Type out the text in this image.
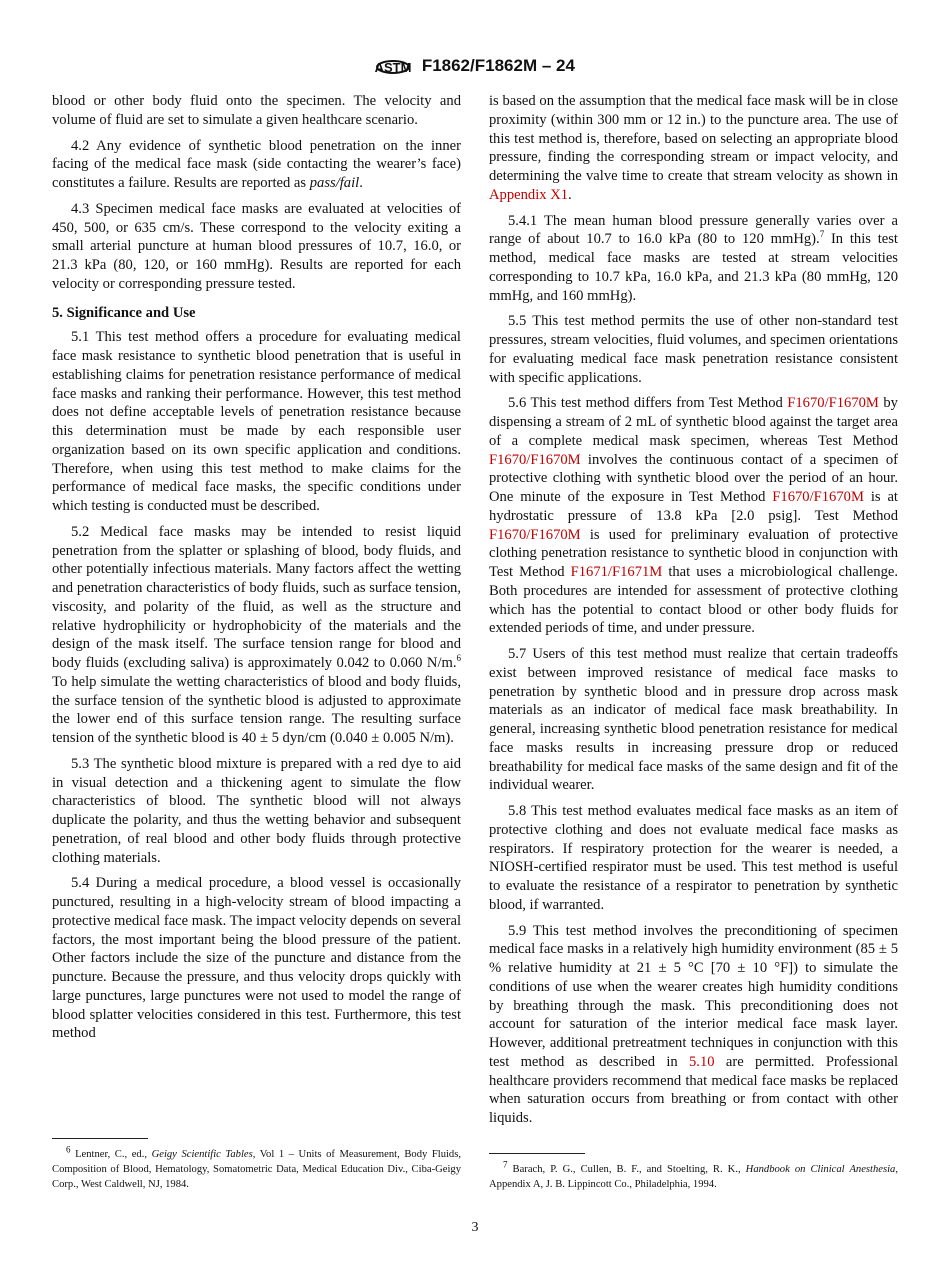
ASTM F1862/F1862M – 24

blood or other body fluid onto the specimen. The velocity and volume of fluid are set to simulate a given healthcare scenario.

4.2 Any evidence of synthetic blood penetration on the inner facing of the medical face mask (side contacting the wearer’s face) constitutes a failure. Results are reported as pass/fail.

4.3 Specimen medical face masks are evaluated at velocities of 450, 500, or 635 cm/s. These correspond to the velocity exiting a small arterial puncture at human blood pressures of 10.7, 16.0, or 21.3 kPa (80, 120, or 160 mmHg). Results are reported for each velocity or corresponding pressure tested.

5. Significance and Use

5.1 This test method offers a procedure for evaluating medical face mask resistance to synthetic blood penetration that is useful in establishing claims for penetration resistance performance of medical face masks and ranking their performance. However, this test method does not define acceptable levels of penetration resistance because this determination must be made by each responsible user organization based on its own specific application and conditions. Therefore, when using this test method to make claims for the performance of medical face masks, the specific conditions under which testing is conducted must be described.

5.2 Medical face masks may be intended to resist liquid penetration from the splatter or splashing of blood, body fluids, and other potentially infectious materials. Many factors affect the wetting and penetration characteristics of body fluids, such as surface tension, viscosity, and polarity of the fluid, as well as the structure and relative hydrophilicity or hydrophobicity of the materials and the design of the mask itself. The surface tension range for blood and body fluids (excluding saliva) is approximately 0.042 to 0.060 N/m.$^6$ To help simulate the wetting characteristics of blood and body fluids, the surface tension of the synthetic blood is adjusted to approximate the lower end of this surface tension range. The resulting surface tension of the synthetic blood is 40 ± 5 dyn/cm (0.040 ± 0.005 N/m).

5.3 The synthetic blood mixture is prepared with a red dye to aid in visual detection and a thickening agent to simulate the flow characteristics of blood. The synthetic blood will not always duplicate the polarity, and thus the wetting behavior and subsequent penetration, of real blood and other body fluids through protective clothing materials.

5.4 During a medical procedure, a blood vessel is occasionally punctured, resulting in a high-velocity stream of blood impacting a protective medical face mask. The impact velocity depends on several factors, the most important being the blood pressure of the patient. Other factors include the size of the puncture and distance from the puncture. Because the pressure, and thus velocity drops quickly with large punctures, large punctures were not used to model the range of blood splatter velocities considered in this test. Furthermore, this test method

is based on the assumption that the medical face mask will be in close proximity (within 300 mm or 12 in.) to the puncture area. The use of this test method is, therefore, based on selecting an appropriate blood pressure, finding the corresponding stream or impact velocity, and determining the valve time to create that stream velocity as shown in Appendix X1.

5.4.1 The mean human blood pressure generally varies over a range of about 10.7 to 16.0 kPa (80 to 120 mmHg).$^7$ In this test method, medical face masks are tested at stream velocities corresponding to 10.7 kPa, 16.0 kPa, and 21.3 kPa (80 mmHg, 120 mmHg, and 160 mmHg).

5.5 This test method permits the use of other non-standard test pressures, stream velocities, fluid volumes, and specimen orientations for evaluating medical face mask penetration resistance consistent with specific applications.

5.6 This test method differs from Test Method F1670/F1670M by dispensing a stream of 2 mL of synthetic blood against the target area of a complete medical mask specimen, whereas Test Method F1670/F1670M involves the continuous contact of a specimen of protective clothing with synthetic blood over the period of an hour. One minute of the exposure in Test Method F1670/F1670M is at hydrostatic pressure of 13.8 kPa [2.0 psig]. Test Method F1670/F1670M is used for preliminary evaluation of protective clothing penetration resistance to synthetic blood in conjunction with Test Method F1671/F1671M that uses a microbiological challenge. Both procedures are intended for assessment of protective clothing which has the potential to contact blood or other body fluids for extended periods of time, and under pressure.

5.7 Users of this test method must realize that certain tradeoffs exist between improved resistance of medical face masks to penetration by synthetic blood and in pressure drop across mask materials as an indicator of medical face mask breathability. In general, increasing synthetic blood penetration resistance for medical face masks results in increasing pressure drop or reduced breathability for medical face masks of the same design and fit of the individual wearer.

5.8 This test method evaluates medical face masks as an item of protective clothing and does not evaluate medical face masks as respirators. If respiratory protection for the wearer is needed, a NIOSH-certified respirator must be used. This test method is useful to evaluate the resistance of a respirator to penetration by synthetic blood, if warranted.

5.9 This test method involves the preconditioning of specimen medical face masks in a relatively high humidity environment (85 ± 5 % relative humidity at 21 ± 5 °C [70 ± 10 °F]) to simulate the conditions of use when the wearer creates high humidity conditions by breathing through the mask. This preconditioning does not account for saturation of the interior medical face mask layer. However, additional pretreatment techniques in conjunction with this test method as described in 5.10 are permitted. Professional healthcare providers recommend that medical face masks be replaced when saturation occurs from breathing or from contact with other liquids.

$^6$ Lentner, C., ed., Geigy Scientific Tables, Vol 1 – Units of Measurement, Body Fluids, Composition of Blood, Hematology, Somatometric Data, Medical Education Div., Ciba-Geigy Corp., West Caldwell, NJ, 1984.

$^7$ Barach, P. G., Cullen, B. F., and Stoelting, R. K., Handbook on Clinical Anesthesia, Appendix A, J. B. Lippincott Co., Philadelphia, 1994.

3
